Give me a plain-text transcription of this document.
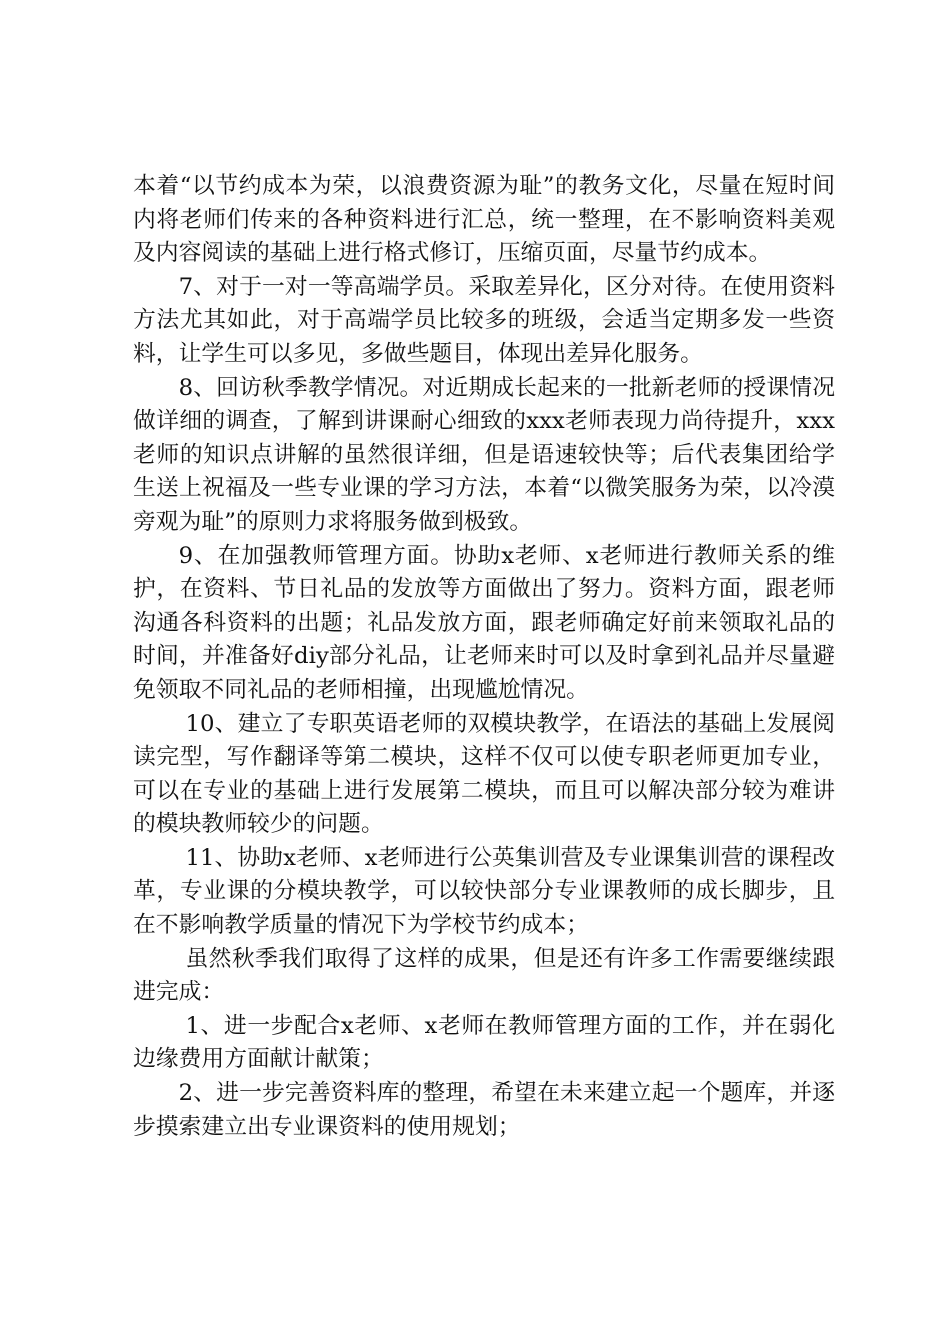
本着“以节约成本为荣，以浪费资源为耻”的教务文化，尽量在短时间内将老师们传来的各种资料进行汇总，统一整理，在不影响资料美观及内容阅读的基础上进行格式修订，压缩页面，尽量节约成本。

7、对于一对一等高端学员。采取差异化，区分对待。在使用资料方法尤其如此，对于高端学员比较多的班级，会适当定期多发一些资料，让学生可以多见，多做些题目，体现出差异化服务。

8、回访秋季教学情况。对近期成长起来的一批新老师的授课情况做详细的调查，了解到讲课耐心细致的xxx老师表现力尚待提升，xxx老师的知识点讲解的虽然很详细，但是语速较快等；后代表集团给学生送上祝福及一些专业课的学习方法，本着“以微笑服务为荣，以冷漠旁观为耻”的原则力求将服务做到极致。

9、在加强教师管理方面。协助x老师、x老师进行教师关系的维护，在资料、节日礼品的发放等方面做出了努力。资料方面，跟老师沟通各科资料的出题；礼品发放方面，跟老师确定好前来领取礼品的时间，并准备好diy部分礼品，让老师来时可以及时拿到礼品并尽量避免领取不同礼品的老师相撞，出现尴尬情况。

10、建立了专职英语老师的双模块教学，在语法的基础上发展阅读完型，写作翻译等第二模块，这样不仅可以使专职老师更加专业，可以在专业的基础上进行发展第二模块，而且可以解决部分较为难讲的模块教师较少的问题。

11、协助x老师、x老师进行公英集训营及专业课集训营的课程改革，专业课的分模块教学，可以较快部分专业课教师的成长脚步，且在不影响教学质量的情况下为学校节约成本；

虽然秋季我们取得了这样的成果，但是还有许多工作需要继续跟进完成：

1、进一步配合x老师、x老师在教师管理方面的工作，并在弱化边缘费用方面献计献策；

2、进一步完善资料库的整理，希望在未来建立起一个题库，并逐步摸索建立出专业课资料的使用规划；
